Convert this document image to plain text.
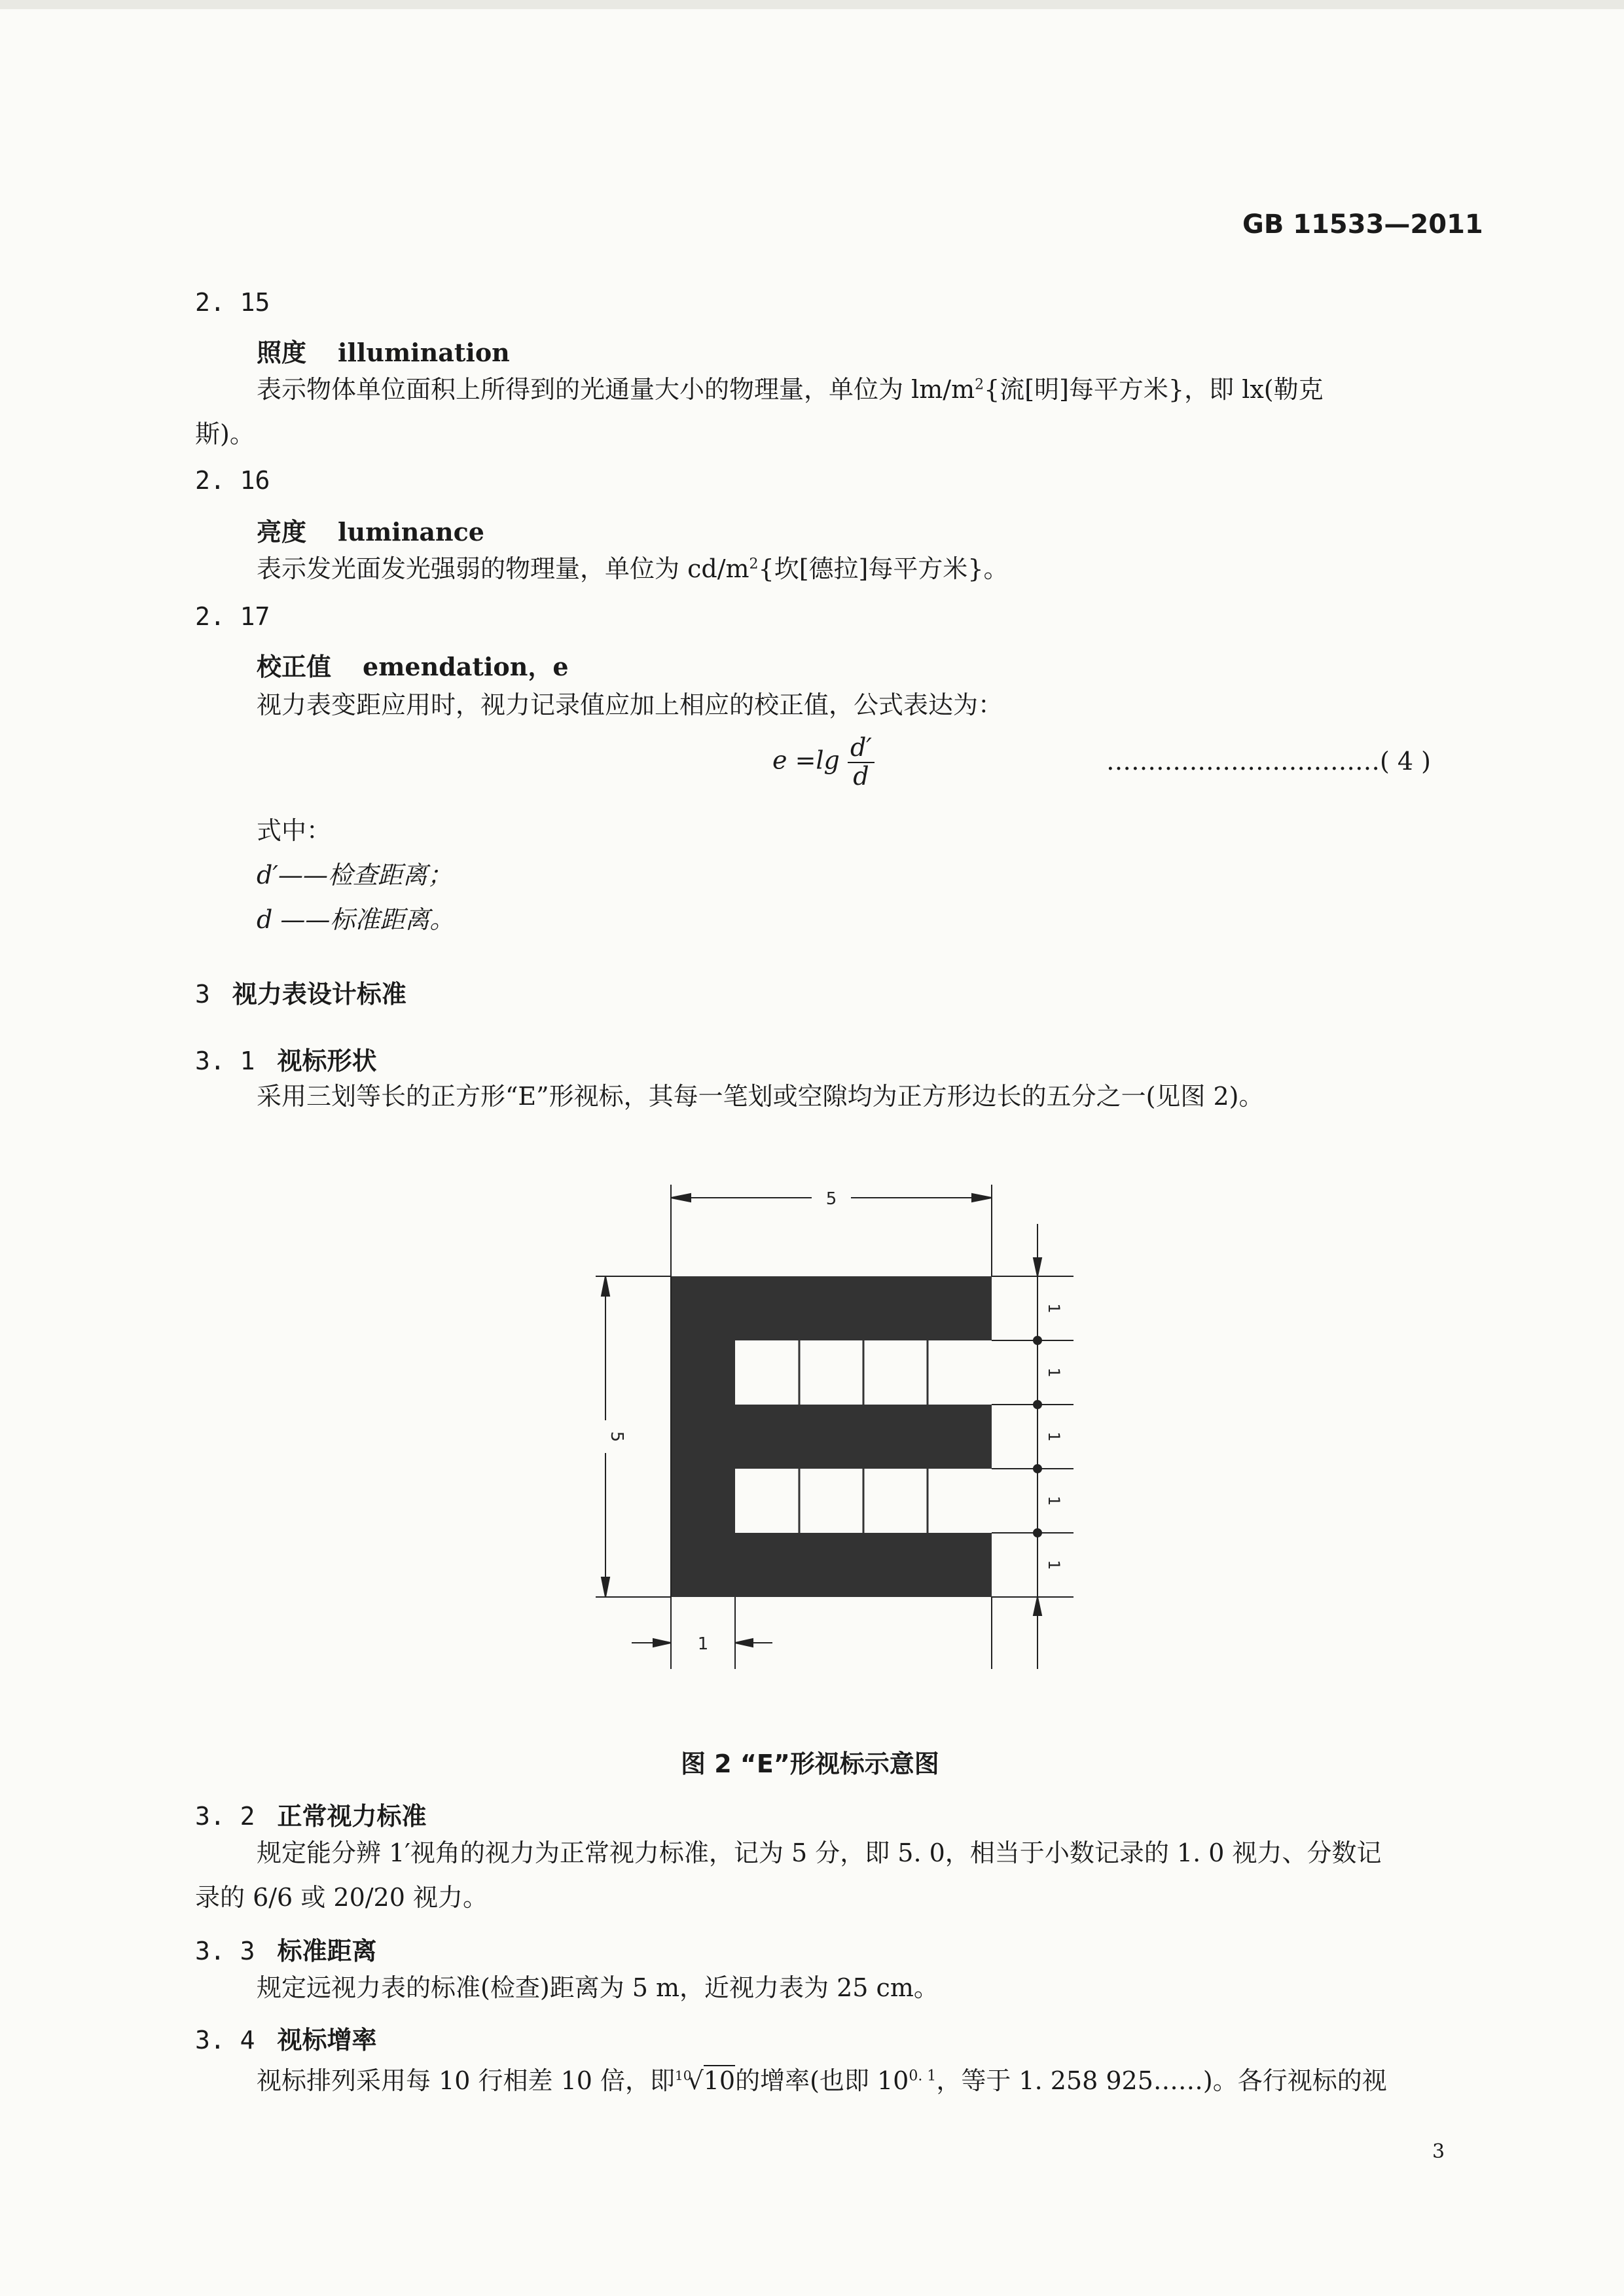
GB 11533—2011
2. 15
照度 illumination
表示物体单位面积上所得到的光通量大小的物理量，单位为 $lm/m^2${流[明]每平方米}，即 lx(勒克
斯)。
2. 16
亮度 luminance
表示发光面发光强弱的物理量，单位为 $cd/m^2${坎[德拉]每平方米}。
2. 17
校正值 emendation，e
视力表变距应用时，视力记录值应加上相应的校正值，公式表达为：
$e =\lg \frac{d'}{d}$	……………………………( 4 )
式中：
d′——检查距离；
d ——标准距离。
3 视力表设计标准
3. 1 视标形状
采用三划等长的正方形“E”形视标，其每一笔划或空隙均为正方形边长的五分之一(见图 2)。
5
5
1
1
1
1
1
1
图 2 “E”形视标示意图
3. 2 正常视力标准
规定能分辨 1′视角的视力为正常视力标准，记为 5 分，即 5. 0，相当于小数记录的 1. 0 视力、分数记
录的 6/6 或 20/20 视力。
3. 3 标准距离
规定远视力表的标准(检查)距离为 5 m，近视力表为 25 cm。
3. 4 视标增率
视标排列采用每 10 行相差 10 倍，即$^{10}$√10的增率(也即 $10^{0. 1}$，等于 1. 258 925……)。各行视标的视
3
